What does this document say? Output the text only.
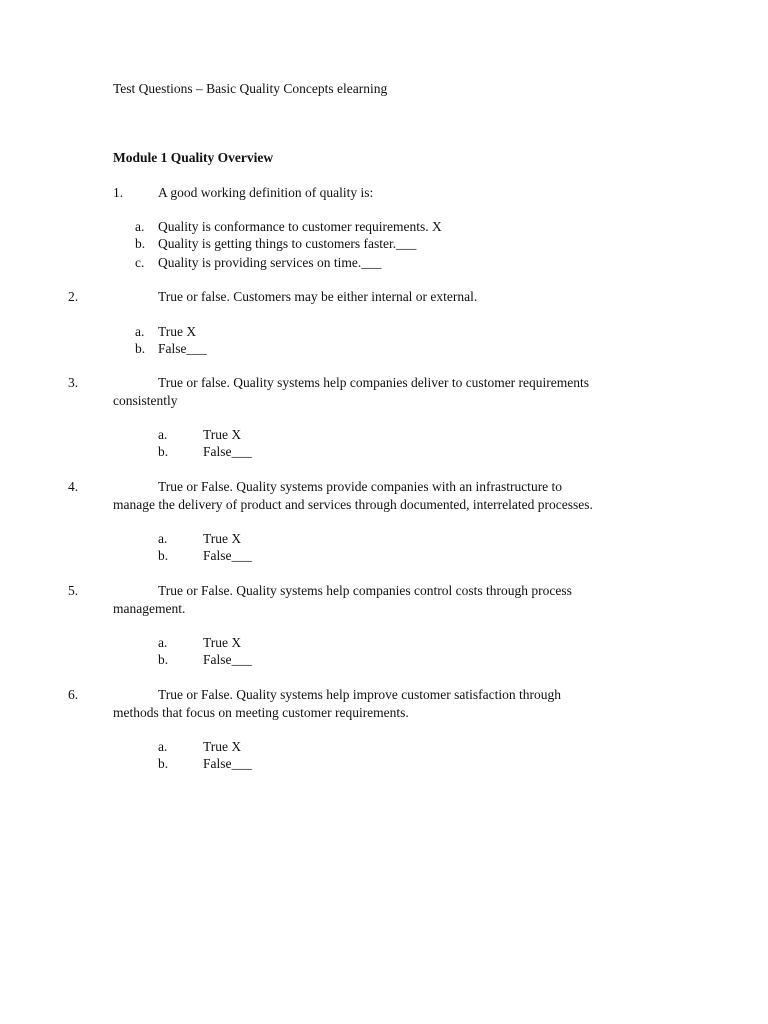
Test Questions – Basic Quality Concepts elearning

Module 1 Quality Overview

1.	A good working definition of quality is:

a. Quality is conformance to customer requirements. X

b. Quality is getting things to customers faster.___

c. Quality is providing services on time.___

2.	True or false. Customers may be either internal or external.

a. True X

b. False___

3.	True or false. Quality systems help companies deliver to customer requirements

consistently

a.	True X

b.	False___

4.	True or False. Quality systems provide companies with an infrastructure to

manage the delivery of product and services through documented, interrelated processes.

a.	True X

b.	False___

5.	True or False. Quality systems help companies control costs through process

management.

a.	True X

b.	False___

6.	True or False. Quality systems help improve customer satisfaction through

methods that focus on meeting customer requirements.

a.	True X

b.	False___
